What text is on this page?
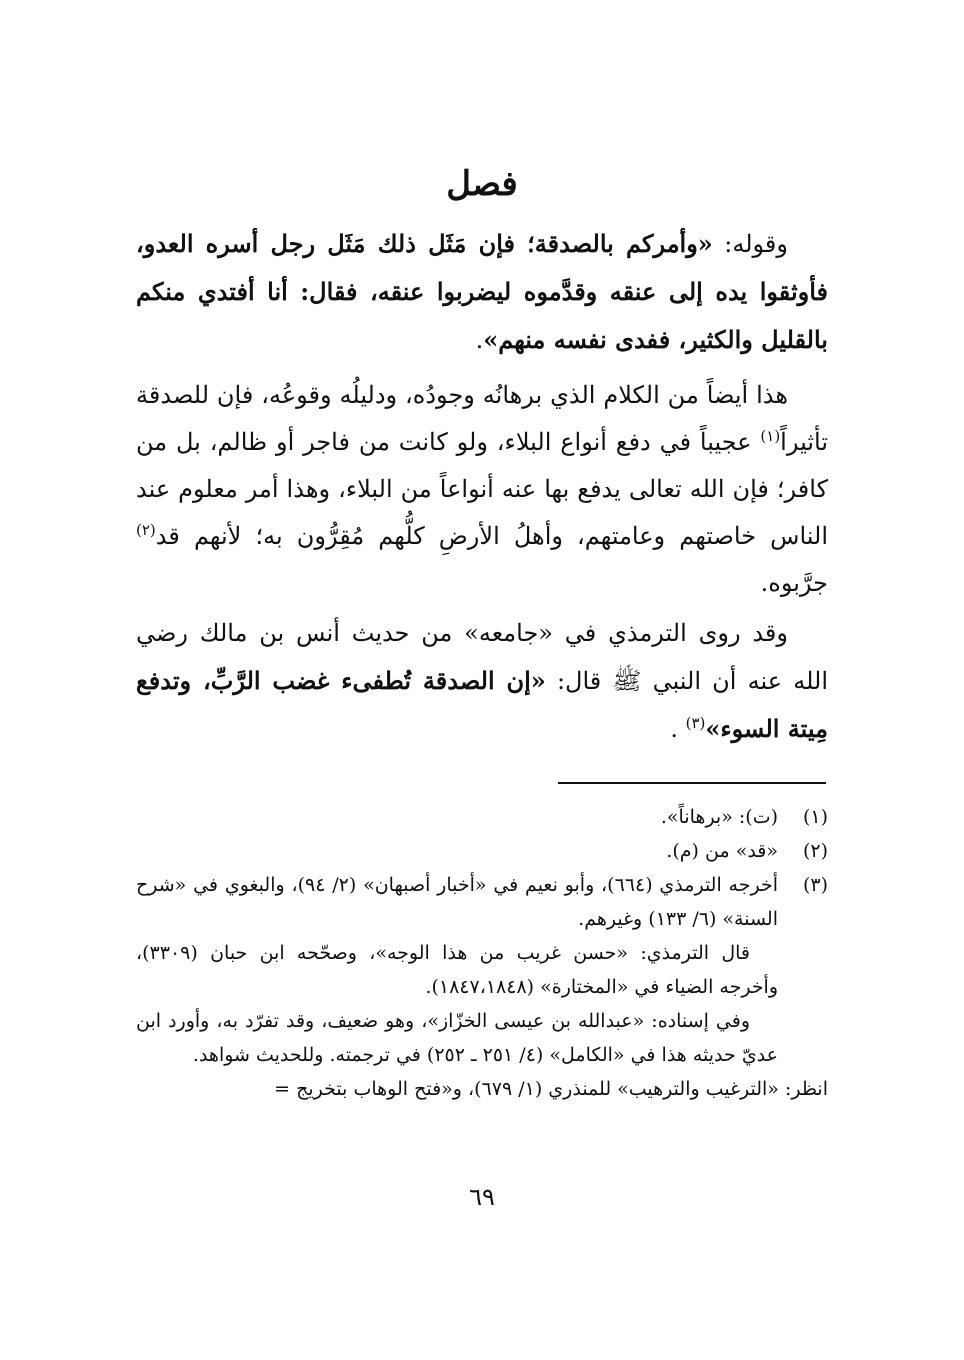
فصل

وقوله: «وأمركم بالصدقة؛ فإن مَثَل ذلك مَثَل رجل أسره العدو، فأوثقوا يده إلى عنقه وقدَّموه ليضربوا عنقه، فقال: أنا أفتدي منكم بالقليل والكثير، ففدى نفسه منهم».

هذا أيضاً من الكلام الذي برهانُه وجودُه، ودليلُه وقوعُه، فإن للصدقة تأثيراً$^{(١)}$ عجيباً في دفع أنواع البلاء، ولو كانت من فاجر أو ظالم، بل من كافر؛ فإن الله تعالى يدفع بها عنه أنواعاً من البلاء، وهذا أمر معلوم عند الناس خاصتهم وعامتهم، وأهلُ الأرضِ كلُّهم مُقِرُّون به؛ لأنهم قد$^{(٢)}$ جرَّبوه.

وقد روى الترمذي في «جامعه» من حديث أنس بن مالك رضي الله عنه أن النبي ﷺ قال: «إن الصدقة تُطفىء غضب الرَّبِّ، وتدفع مِيتة السوء»$^{(٣)}$ .

(١)

(ت): «برهاناً».

(٢)

«قد» من (م).

(٣)

أخرجه الترمذي (٦٦٤)، وأبو نعيم في «أخبار أصبهان» (٢/ ٩٤)، والبغوي في «شرح السنة» (٦/ ١٣٣) وغيرهم.

قال الترمذي: «حسن غريب من هذا الوجه»، وصحّحه ابن حبان (٣٣٠٩)، وأخرجه الضياء في «المختارة» (١٨٤٧،١٨٤٨).

وفي إسناده: «عبدالله بن عيسى الخزّاز»، وهو ضعيف، وقد تفرّد به، وأورد ابن عديّ حديثه هذا في «الكامل» (٤/ ٢٥١ ـ ٢٥٢) في ترجمته. وللحديث شواهد.

انظر: «الترغيب والترهيب» للمنذري (١/ ٦٧٩)، و«فتح الوهاب بتخريج =
٦٩
